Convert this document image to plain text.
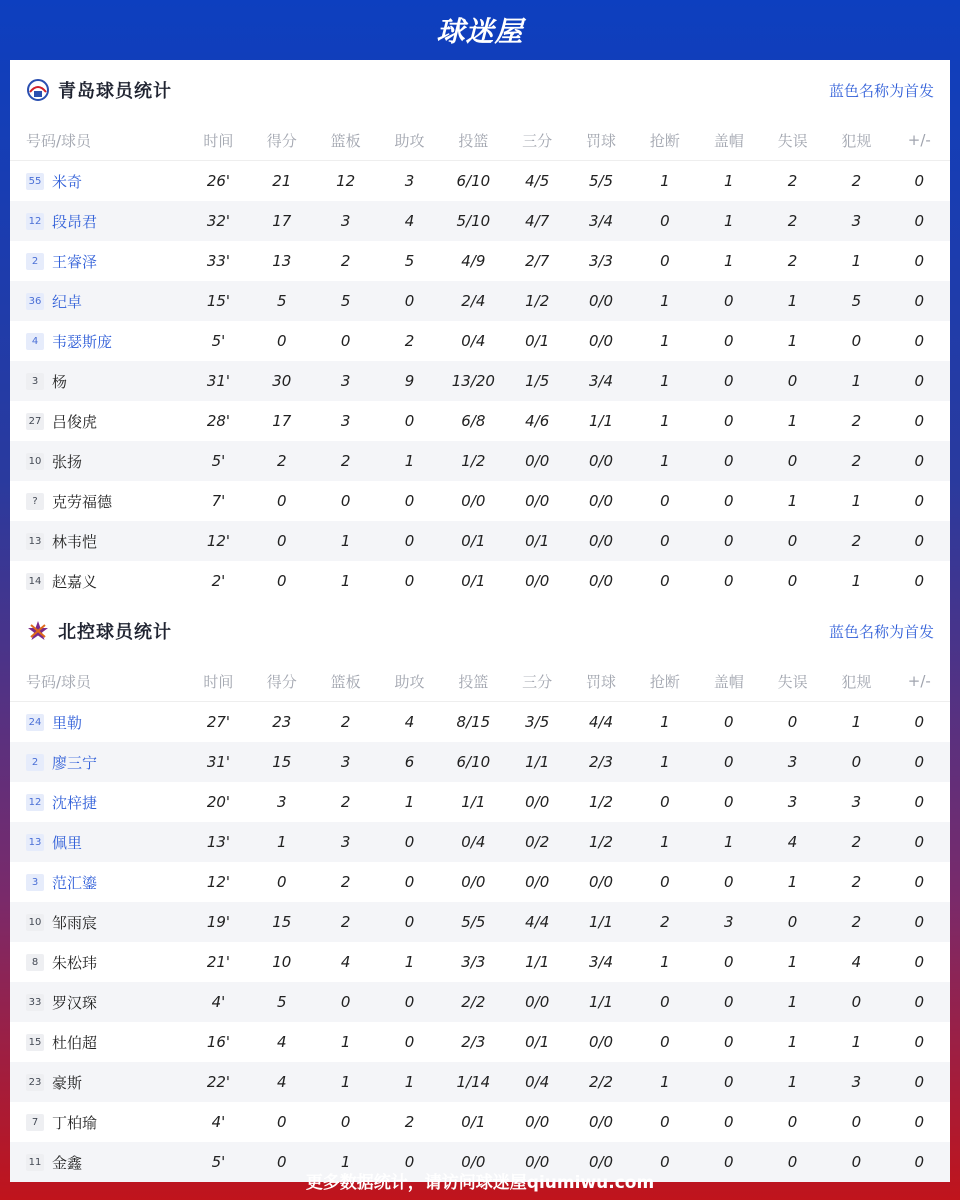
球迷屋
青岛球员统计	蓝色名称为首发
号码/球员	时间	得分	篮板	助攻	投篮	三分	罚球	抢断	盖帽	失误	犯规	+/-
55 米奇	26'	21	12	3	6/10	4/5	5/5	1	1	2	2	0
12 段昂君	32'	17	3	4	5/10	4/7	3/4	0	1	2	3	0
2 王睿泽	33'	13	2	5	4/9	2/7	3/3	0	1	2	1	0
36 纪卓	15'	5	5	0	2/4	1/2	0/0	1	0	1	5	0
4 韦瑟斯庞	5'	0	0	2	0/4	0/1	0/0	1	0	1	0	0
3 杨	31'	30	3	9	13/20	1/5	3/4	1	0	0	1	0
27 吕俊虎	28'	17	3	0	6/8	4/6	1/1	1	0	1	2	0
10 张扬	5'	2	2	1	1/2	0/0	0/0	1	0	0	2	0
? 克劳福德	7'	0	0	0	0/0	0/0	0/0	0	0	1	1	0
13 林韦恺	12'	0	1	0	0/1	0/1	0/0	0	0	0	2	0
14 赵嘉义	2'	0	1	0	0/1	0/0	0/0	0	0	0	1	0
北控球员统计	蓝色名称为首发
号码/球员	时间	得分	篮板	助攻	投篮	三分	罚球	抢断	盖帽	失误	犯规	+/-
24 里勒	27'	23	2	4	8/15	3/5	4/4	1	0	0	1	0
2 廖三宁	31'	15	3	6	6/10	1/1	2/3	1	0	3	0	0
12 沈梓捷	20'	3	2	1	1/1	0/0	1/2	0	0	3	3	0
13 佩里	13'	1	3	0	0/4	0/2	1/2	1	1	4	2	0
3 范汇鎏	12'	0	2	0	0/0	0/0	0/0	0	0	1	2	0
10 邹雨宸	19'	15	2	0	5/5	4/4	1/1	2	3	0	2	0
8 朱松玮	21'	10	4	1	3/3	1/1	3/4	1	0	1	4	0
33 罗汉琛	4'	5	0	0	2/2	0/0	1/1	0	0	1	0	0
15 杜伯超	16'	4	1	0	2/3	0/1	0/0	0	0	1	1	0
23 豪斯	22'	4	1	1	1/14	0/4	2/2	1	0	1	3	0
7 丁柏瑜	4'	0	0	2	0/1	0/0	0/0	0	0	0	0	0
11 金鑫	5'	0	1	0	0/0	0/0	0/0	0	0	0	0	0
更多数据统计，请访问球迷屋qiumiwu.com
